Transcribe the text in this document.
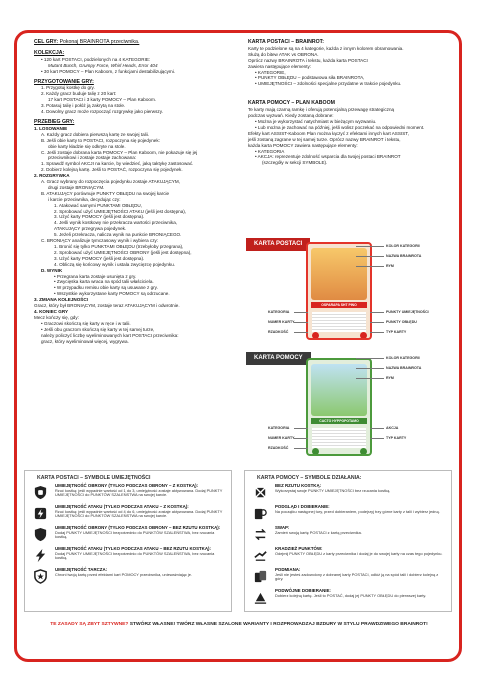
CEL GRY: Pokonaj BRAINROTA przeciwnika.

KOLEKCJA:

• 120 kart POSTACI, podzielonych na 4 KATEGORIE:

Mutant Bunch, Grumpy Force, Whirl Heads, Error 404

• 30 kart POMOCY – Plan Kaboom, z funkcjami destabilizującymi.

PRZYGOTOWANIE GRY:

1. Przygotuj kostkę do gry.

2. Każdy gracz buduje talię z 20 kart:

17 kart POSTACI i 3 karty POMOCY – Plan Kaboom.

3. Potasuj talię i połóż ją zakrytą na stole.

4. Dowolny gracz może rozpocząć rozgrywkę jako pierwszy.

PRZEBIEG GRY:

1. LOSOWANIE

A. Każdy gracz dobiera pierwszą kartę ze swojej talii.

B. Jeśli obie karty to POSTACI, rozpoczyna się pojedynek:

obie karty kładzie się odkryte na stole.

C. Jeśli zostaje dobrana karta POMOCY – Plan Kaboom, nie pokazuje się jej

przeciwnikowi i zostaje zostaje zachowana:

1. Sprawdź symbol AKCJI na karcie, by wiedzieć, jaką taktykę zastosować.

2. Dobierz kolejną kartę. Jeśli to POSTAĆ, rozpoczyna się pojedynek.

2. ROZGRYWKA

A. Gracz wybrany do rozpoczęcia pojedynku zostaje ATAKUJĄCYM,

drugi zostaje BRONIĄCYM.

B. ATAKUJĄCY porównuje PUNKTY OBŁĘDU na swojej karcie

i karcie przeciwnika, decydując czy:

1. Atakować samymi PUNKTAMI OBŁĘDU,

2. Sprobować użyć UMIEJĘTNOŚCI ATAKU (jeśli jest dostępna),

3. Użyć karty POMOCY (jeśli jest dostępna).

4. Jeśli wynik kostkowy nie przekracza wartości przeciwnika,

ATAKUJĄCY przegrywa pojedynek.

5. Jeżeli przekracza, nalicza wynik na punkcie BRONIĄCEGO.

C. BRONIĄCY analizuje tymczasowy wynik i wybiera czy:

1. Bronić się tylko PUNKTAMI OBŁĘDU (trzebyłoby przegrana),

2. Sprobować użyć UMIEJĘTNOŚCI OBRONY (jeśli jest dostępna),

3. Użyć karty POMOCY (jeśli jest dostępna).

4. Obliczą się końcowy wynik i ustala zwycięzcę pojedynku.

D. WYNIK

• Przegrana karta zostaje usunięta z gry.

• Zwycięska karta wraca na spód talii właściciela.

• W przypadku remisu obie karty są usuwane z gry.

• Wszystkie wykorzystane karty POMOCY są odrzucane.

3. ZMIANA KOLEJNOŚCI

Gracz, który był BRONIĄCYM, zostaje teraz ATAKUJĄCYM i odwrotnie.

4. KONIEC GRY

Mecz kończy się, gdy:

• Graczowi skończą się karty w ręce i w talii.

• Jeśli obu graczom skończą się karty w tej samej turze,

należy policzyć liczbę wyeliminowanych kart POSTACI przeciwnika:

gracz, który wyeliminował więcej, wygrywa.

KARTA POSTACI – BRAINROT:

Karty te podzielone są na 4 kategorie, każda z innym kolorem obramowania.

Służą do bitew ATAK vs OBRONA.

Oprócz nazwy BRAINROTA i tekstu, każda karta POSTACI

zawiera następujące elementy:

• KATEGORIE,

• PUNKTY OBŁĘDU – podstawowa siła BRAINROTA,

• UMIEJĘTNOŚCI – zdolności specjalne przydatne w trakcie pojedynku.

KARTA POMOCY – PLAN KABOOM

Te karty mają czarną ramkę i oferują potencjalną przewagę strategiczną

podczas wyzwań. Kiedy zostaną dobrane:

• Można je wykorzystać natychmiast w bieżącym wyzwaniu.

• Lub można je zachować na później, jeśli wolisz poczekać na odpowiedni moment.

Efekty kart ASSIST-Kaboom Plan można łączyć z efektami innych kart ASSIST,

jeśli zostaną zagrane w tej samej turze. Oprócz nazwy BRAINROT i tekstu,

każda karta POMOCY zawiera następujące elementy:

• KATEGORIA

• AKCJA: reprezentuje zdolność wsparcia dla twojej postaci BRAINROT

(szczegóły w sekcji SYMBOLE).

KARTA POSTACI
OSPARAPA SHT PINO
KOLOR KATEGORII
NAZWA BRAINROTA
RYM
KATEGORIA
NUMER KARTY
RZADKOŚĆ
PUNKTY UMIEJĘTNOŚCI
PUNKTY OBŁĘDU
TYP KARTY
KARTA POMOCY
CACTO HYPPOPOTAMO
KOLOR KATEGORII
NAZWA BRAINROTA
RYM
KATEGORIA
NUMER KARTY
RZADKOŚĆ
AKCJA
TYP KARTY
KARTA POSTACI – SYMBOLE UMIEJĘTNOŚCI
UMIEJĘTNOŚĆ OBRONY (TYLKO PODCZAS OBRONY – Z KOSTKĄ):
Rzuć kostką: jeśli wypadnie wartość od 1 do 3, umiejętność zostaje aktywowana. Dodaj PUNKTY UMIEJĘTNOŚCI do PUNKTÓW SZALEŃSTWA na swojej karcie.
UMIEJĘTNOŚĆ ATAKU (TYLKO PODCZAS ATAKU – Z KOSTKĄ):
Rzuć kostką: jeśli wypadnie wartość od 4 do 6, umiejętność zostaje aktywowana. Dodaj PUNKTY UMIEJĘTNOŚCI do PUNKTÓW SZALEŃSTWA na swojej karcie.
UMIEJĘTNOŚĆ OBRONY (TYLKO PODCZAS OBRONY – BEZ RZUTU KOSTKĄ):
Dodaj PUNKTY UMIEJĘTNOŚCI bezpośrednio do PUNKTÓW SZALEŃSTWA, bez rzucania kostką.
UMIEJĘTNOŚĆ ATAKU (TYLKO PODCZAS ATAKU – BEZ RZUTU KOSTKĄ):
Dodaj PUNKTY UMIEJĘTNOŚCI bezpośrednio do PUNKTÓW SZALEŃSTWA, bez rzucania kostką.
UMIEJĘTNOŚĆ TARCZA:
Chroni twoją kartę przed efektami kart POMOCY przeciwnika, unieważniając je.
KARTA POMOCY – SYMBOLE DZIAŁANIA:
BEZ RZUTU KOSTKĄ:
Wykorzystaj swoje PUNKTY UMIEJĘTNOŚCI bez rzucania kostką.
PODGLĄD I DOBIERANIE:
Na początku następnej tury, przed dobieraniem, podejrzyj trzy górne karty z talii i wybierz jedną.
SWAP:
Zamień swoją kartę POSTACI z kartą przeciwnika.
KRADZIEŻ PUNKTÓW:
Odejmij PUNKTY OBŁĘDU z karty przeciwnika i dodaj je do swojej karty na czas tego pojedynku.
PODMIANA:
Jeśli nie jesteś zadowolony z dobranej karty POSTACI, odłóż ją na spód talii i dobierz kolejną z góry.
PODWÓJNE DOBIERANIE:
Dobierz kolejną kartę. Jeśli to POSTAĆ, dodaj jej PUNKTY OBŁĘDU do pierwszej karty.
TE ZASADY SĄ ZBYT SZTYWNE? STWÓRZ WŁASNE! TWÓRZ WŁASNE SZALONE WARIANTY I ROZPROWADZAJ BZDURY W STYLU PRAWDZIWEGO BRAINROT!
